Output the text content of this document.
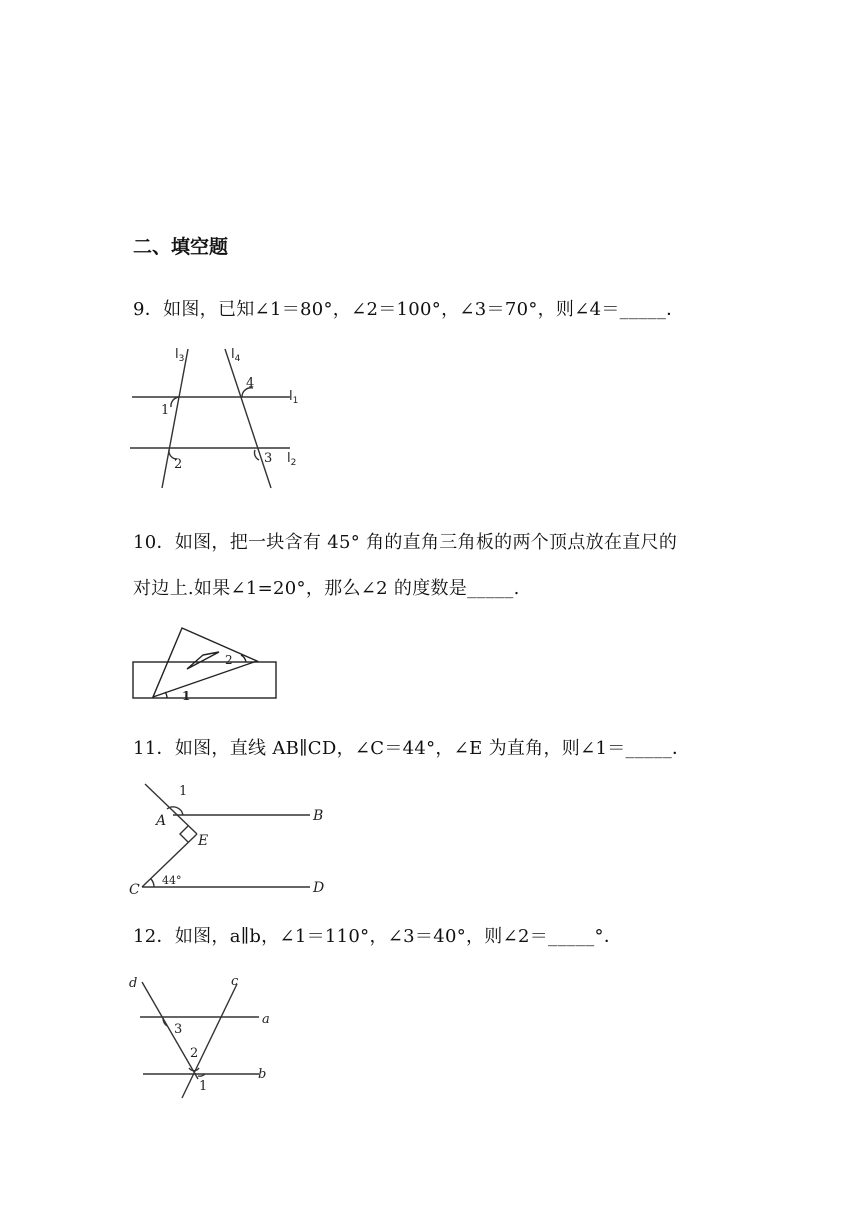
二、填空题
9．如图，已知∠1＝80°，∠2＝100°，∠3＝70°，则∠4＝_____．
$l_3$	$l_4$
$l_1$
$l_2$
1
2	3
4
10．如图，把一块含有 45° 角的直角三角板的两个顶点放在直尺的
对边上.如果∠1=20°，那么∠2 的度数是_____.
2
1
11．如图，直线 AB∥CD，∠C＝44°，∠E 为直角，则∠1＝_____．
1
A	B
E
C	D
44°
12．如图，a∥b，∠1＝110°，∠3＝40°，则∠2＝_____°．
d	c
a
b
3
2
1
